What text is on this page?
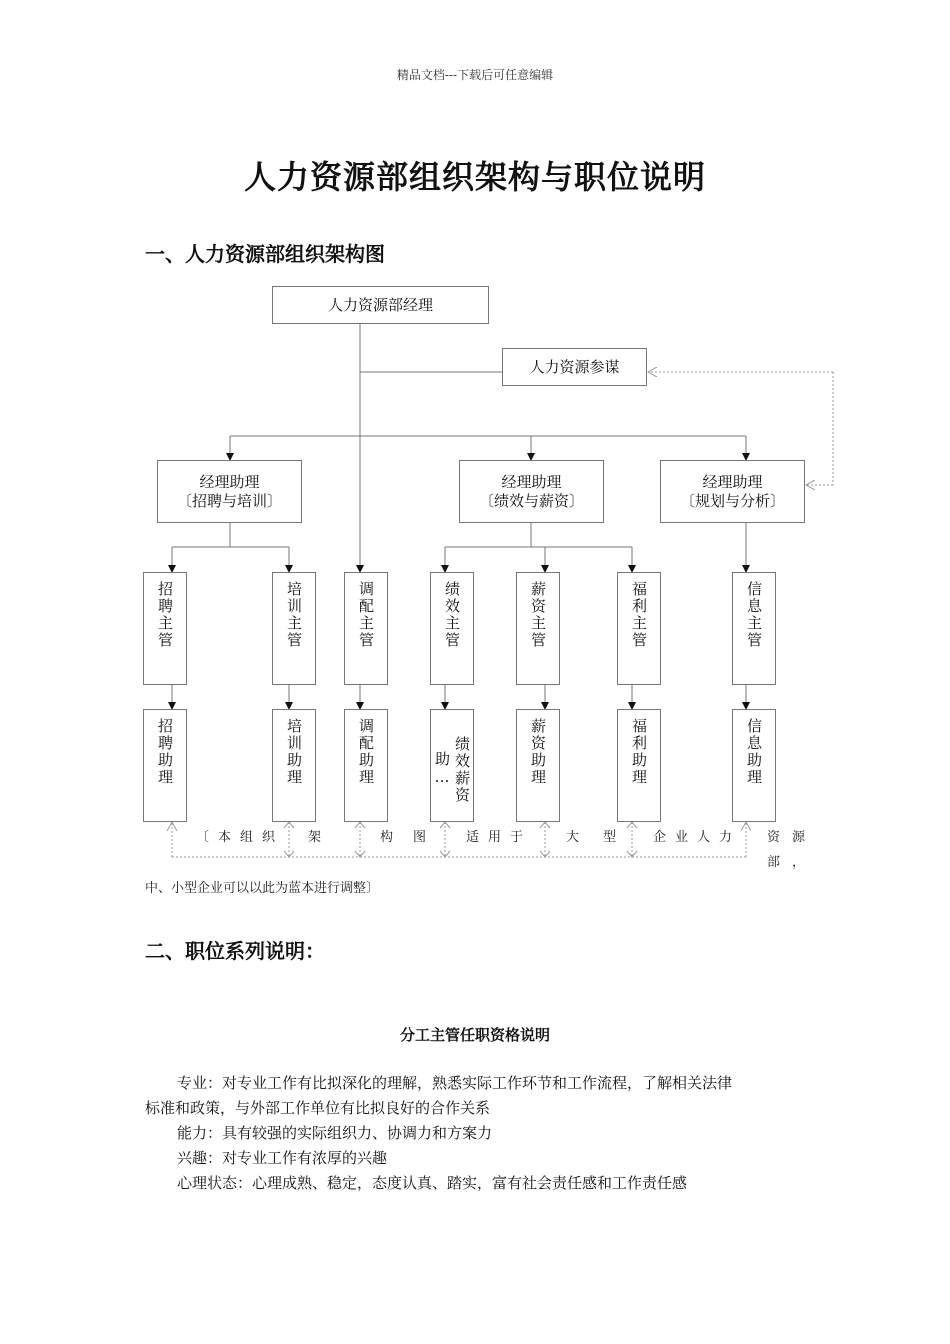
精品文档---下载后可任意编辑
人力资源部组织架构与职位说明
一、人力资源部组织架构图
人力资源部经理
人力资源参谋
经理助理
〔招聘与培训〕
经理助理
〔绩效与薪资〕
经理助理
〔规划与分析〕
招聘主管	培训主管	调配主管	绩效主管	薪资主管	福利主管	信息主管
招聘助理	培训助理	调配助理	绩效薪资助…	薪资助理	福利助理	信息助理
〔本组织 架	构图 适用于	大型 企业人力 资源
部，
中、小型企业可以以此为蓝本进行调整〕
二、职位系列说明：
分工主管任职资格说明
专业：对专业工作有比拟深化的理解，熟悉实际工作环节和工作流程，了解相关法律
标准和政策，与外部工作单位有比拟良好的合作关系
能力：具有较强的实际组织力、协调力和方案力
兴趣：对专业工作有浓厚的兴趣
心理状态：心理成熟、稳定，态度认真、踏实，富有社会责任感和工作责任感
